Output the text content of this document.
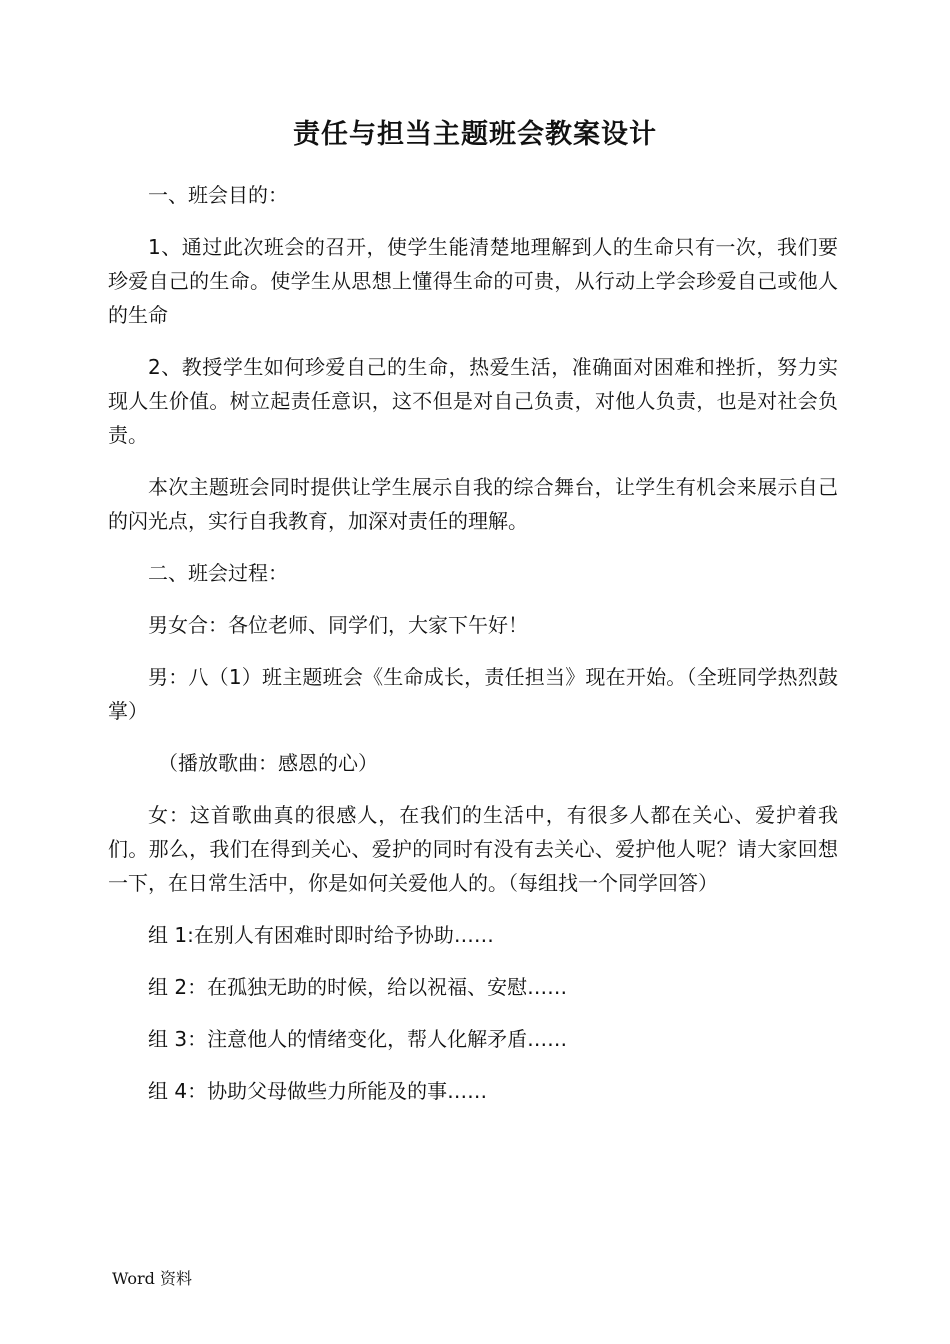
责任与担当主题班会教案设计

一、班会目的：

1、通过此次班会的召开，使学生能清楚地理解到人的生命只有一次，我们要珍爱自己的生命。使学生从思想上懂得生命的可贵，从行动上学会珍爱自己或他人的生命

2、教授学生如何珍爱自己的生命，热爱生活，准确面对困难和挫折，努力实现人生价值。树立起责任意识，这不但是对自己负责，对他人负责，也是对社会负责。

本次主题班会同时提供让学生展示自我的综合舞台，让学生有机会来展示自己的闪光点，实行自我教育，加深对责任的理解。

二、班会过程：

男女合：各位老师、同学们，大家下午好！

男：八（1）班主题班会《生命成长，责任担当》现在开始。（全班同学热烈鼓掌）

（播放歌曲：感恩的心）

女：这首歌曲真的很感人，在我们的生活中，有很多人都在关心、爱护着我们。那么，我们在得到关心、爱护的同时有没有去关心、爱护他人呢？请大家回想一下，在日常生活中，你是如何关爱他人的。（每组找一个同学回答）

组 1:在别人有困难时即时给予协助……

组 2：在孤独无助的时候，给以祝福、安慰……

组 3：注意他人的情绪变化，帮人化解矛盾……

组 4：协助父母做些力所能及的事……

Word 资料
